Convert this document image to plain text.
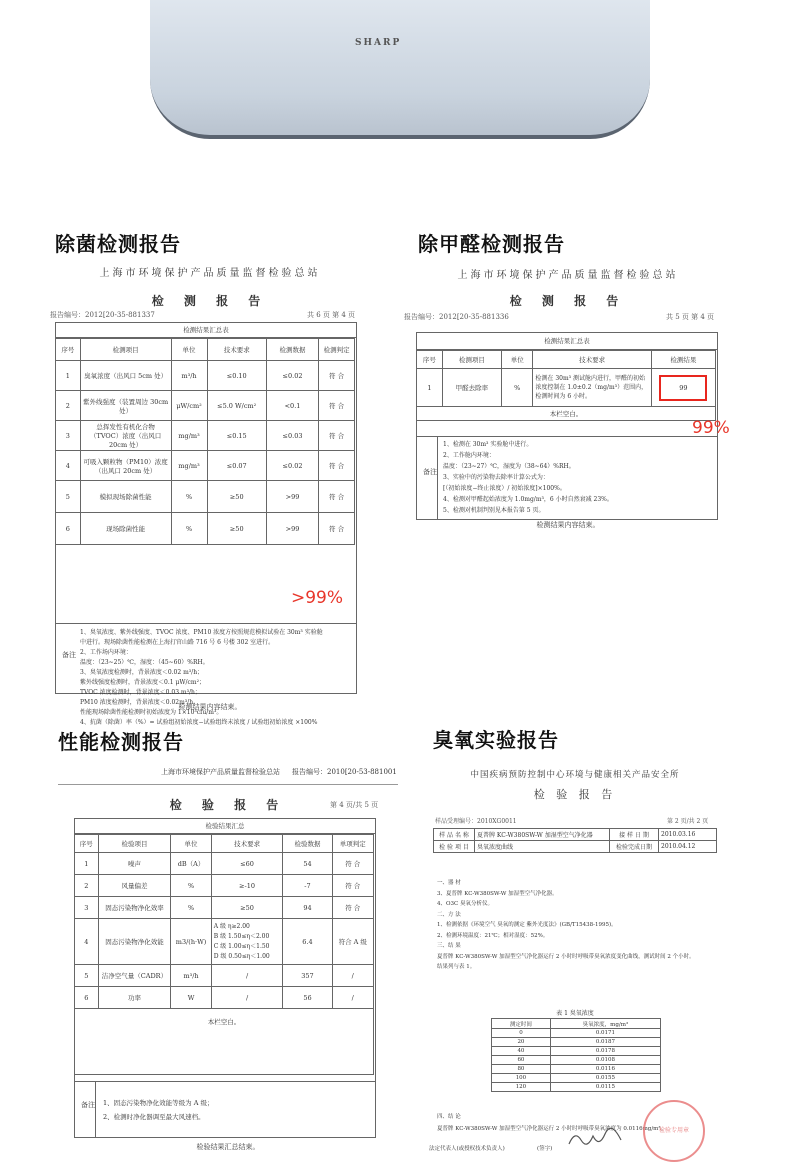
SHARP
除菌检测报告
上海市环境保护产品质量监督检验总站
检 测 报 告
报告编号：2012[20-35-881337	共 6 页 第 4 页
检测结果汇总表
序号	检测项目	单位	技术要求	检测数据	检测判定
1	臭氧浓度（出风口 5cm 处）	m³/h	≤0.10	≤0.02	符 合
2	紫外线强度（装置周边 30cm 处）	μW/cm²	≤5.0 W/cm²	<0.1	符 合
3	总挥发性有机化合物（TVOC）浓度（出风口 20cm 处）	mg/m³	≤0.15	≤0.03	符 合
4	可吸入颗粒物（PM10）浓度（出风口 20cm 处）	mg/m³	≤0.07	≤0.02	符 合
5	模拟现场除菌性能	%	≥50	>99	符 合
6	现场除菌性能	%	≥50	>99	符 合
备注
1、臭氧浓度、紫外线强度、TVOC 浓度、PM10 浓度方按照规范模拟试验在 30m³ 实验舱
中进行。现场除菌性能检测在上海打官山路 716 号 6 号楼 302 室进行。
2、工作场内环境：
温度：（23~25）℃，湿度：（45~60）%RH。
3、臭氧浓度检测时，背景浓度＜0.02 m³/h；
紫外线强度检测时，背景浓度＜0.1 μW/cm²；
TVOC 浓度检测时，背景浓度＜0.03 m³/h；
PM10 浓度检测时，背景浓度＜0.02m³/h。
性能现场除菌性能检测时初始浓度为 1×10³cfu/m³。
4、抗菌（除菌）率（%）= 试验组初始浓度−试验组终末浓度 / 试验组初始浓度 ×100%
>99%
检测结果内容结束。
除甲醛检测报告
上海市环境保护产品质量监督检验总站
检 测 报 告
报告编号：2012[20-35-881336	共 5 页 第 4 页
检测结果汇总表
序号	检测项目	单位	技术要求	检测结果
1	甲醛去除率	%	检测在 30m³ 测试舱内进行，甲醛的初始浓度控制在 1.0±0.2（mg/m³）范围内，检测时间为 6 小时。	99
本栏空白。				
备注
1、检测在 30m³ 实验舱中进行。
2、工作舱内环境：
温度：（23~27）℃，湿度为（38~64）%RH。
3、实验中的污染物去除率计算公式为：
[（初始浓度−终止浓度）/ 初始浓度]×100%。
4、检测对甲醛起始浓度为 1.0mg/m³，6 小时自然衰减 23%。
5、检测对机制判别见本报告第 5 页。
99%
检测结果内容结束。
性能检测报告
上海市环境保护产品质量监督检验总站 报告编号：2010[20-53-881001
检 验 报 告	第 4 页/共 5 页
检验结果汇总
序号	检验项目	单位	技术要求	检验数据	单项判定
1	噪声	dB（A）	≤60	54	符 合
2	风量偏差	%	≥-10	-7	符 合
3	固态污染物净化效率	%	≥50	94	符 合
4	固态污染物净化效能	m3/(h·W)	A 级 η≥2.00
B 级 1.50≤η＜2.00
C 级 1.00≤η＜1.50
D 级 0.50≤η＜1.00	6.4	符合 A 级
5	洁净空气量（CADR）	m³/h	/	357	/
6	功率	W	/	56	/
本栏空白。					
备注 1、固态污染物净化效能等级为 A 级；
2、检测时净化器调至最大风速档。
检验结果汇总结束。
臭氧实验报告
中国疾病预防控制中心环境与健康相关产品安全所
检 验 报 告
样品受理编号：2010XG0011	第 2 页/共 2 页
样 品 名 称	夏普牌 KC-W380SW-W 加湿型空气净化器	接 样 日 期	2010.03.16
检 验 项 目	臭氧浓度曲线	检验完成日期	2010.04.12
一、器 材
3、夏普牌 KC-W380SW-W 加湿型空气净化器。
4、O3C 臭氧分析仪。
二、方 法
1、检测依据《环境空气 臭氧的测定 紫外光度法》(GB/T15438-1995)。
2、检测环境温度：21℃；相对湿度：52%。
三、结 果
夏普牌 KC-W380SW-W 加湿型空气净化器运行 2 小时时呼吸带臭氧浓度变化曲线，测试时间 2 个小时。
结果列与表 1。
表 1 臭氧浓度
测定时间	臭氧浓度，mg/m³
0	0.0171
20	0.0187
40	0.0178
60	0.0108
80	0.0116
100	0.0155
120	0.0115
四、结 论
夏普牌 KC-W380SW-W 加湿型空气净化器运行 2 小时时呼吸带臭氧浓度为 0.0116mg/m³。
法定代表人(或授权技术负责人)	(签字)
检验专用章
